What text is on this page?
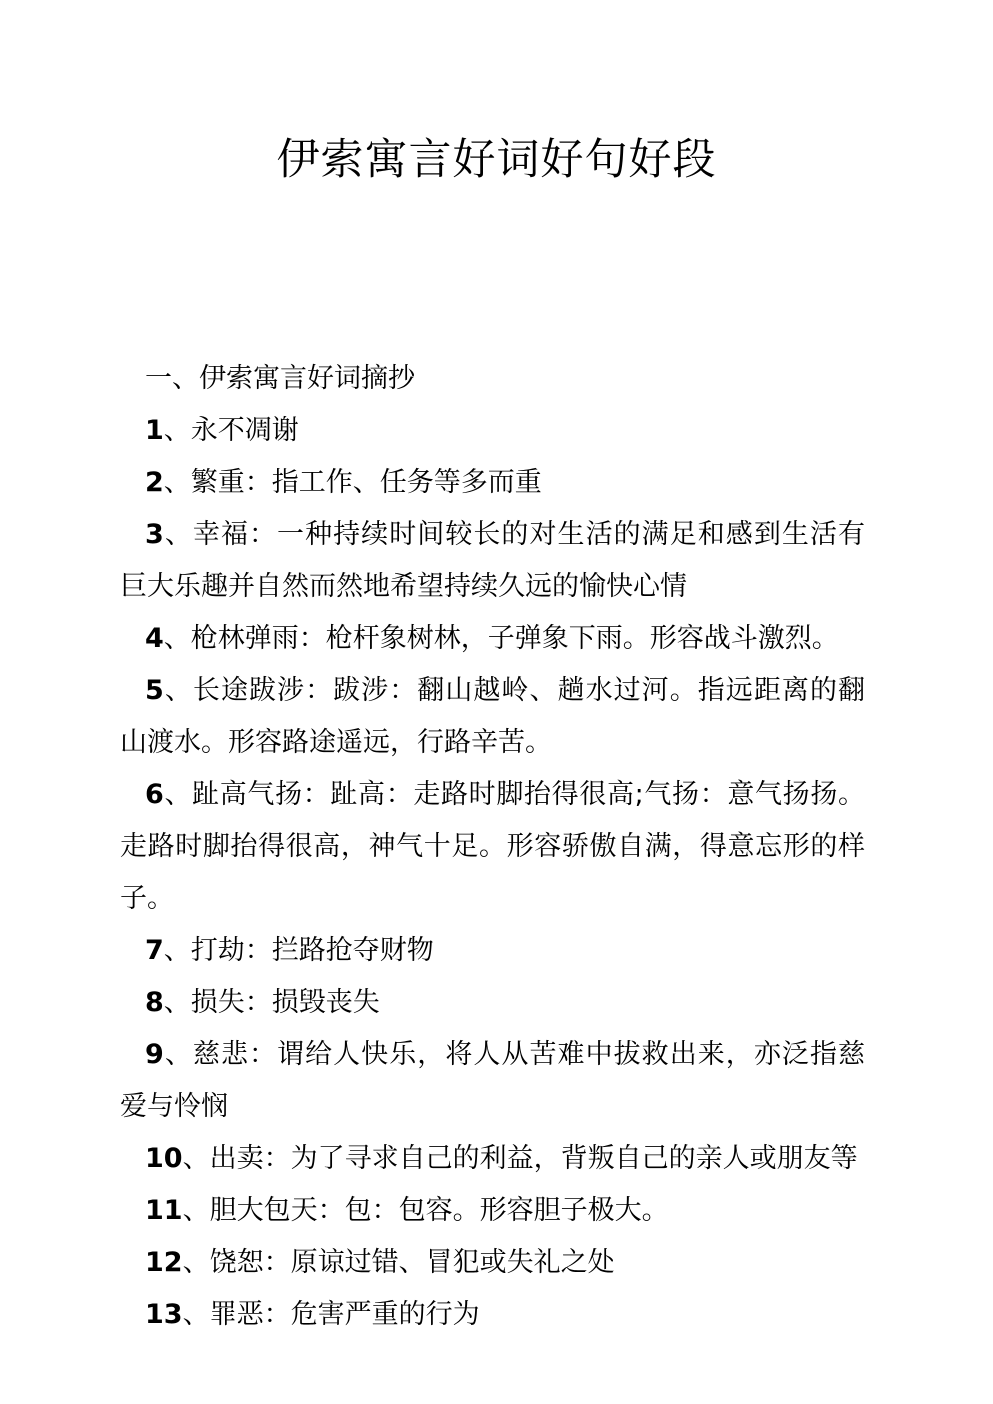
伊索寓言好词好句好段

一、伊索寓言好词摘抄

1、永不凋谢

2、繁重：指工作、任务等多而重

3、幸福：一种持续时间较长的对生活的满足和感到生活有巨大乐趣并自然而然地希望持续久远的愉快心情

4、枪林弹雨：枪杆象树林，子弹象下雨。形容战斗激烈。

5、长途跋涉：跋涉：翻山越岭、趟水过河。指远距离的翻山渡水。形容路途遥远，行路辛苦。

6、趾高气扬：趾高：走路时脚抬得很高;气扬：意气扬扬。走路时脚抬得很高，神气十足。形容骄傲自满，得意忘形的样子。

7、打劫：拦路抢夺财物

8、损失：损毁丧失

9、慈悲：谓给人快乐，将人从苦难中拔救出来，亦泛指慈爱与怜悯

10、出卖：为了寻求自己的利益，背叛自己的亲人或朋友等

11、胆大包天：包：包容。形容胆子极大。

12、饶恕：原谅过错、冒犯或失礼之处

13、罪恶：危害严重的行为
